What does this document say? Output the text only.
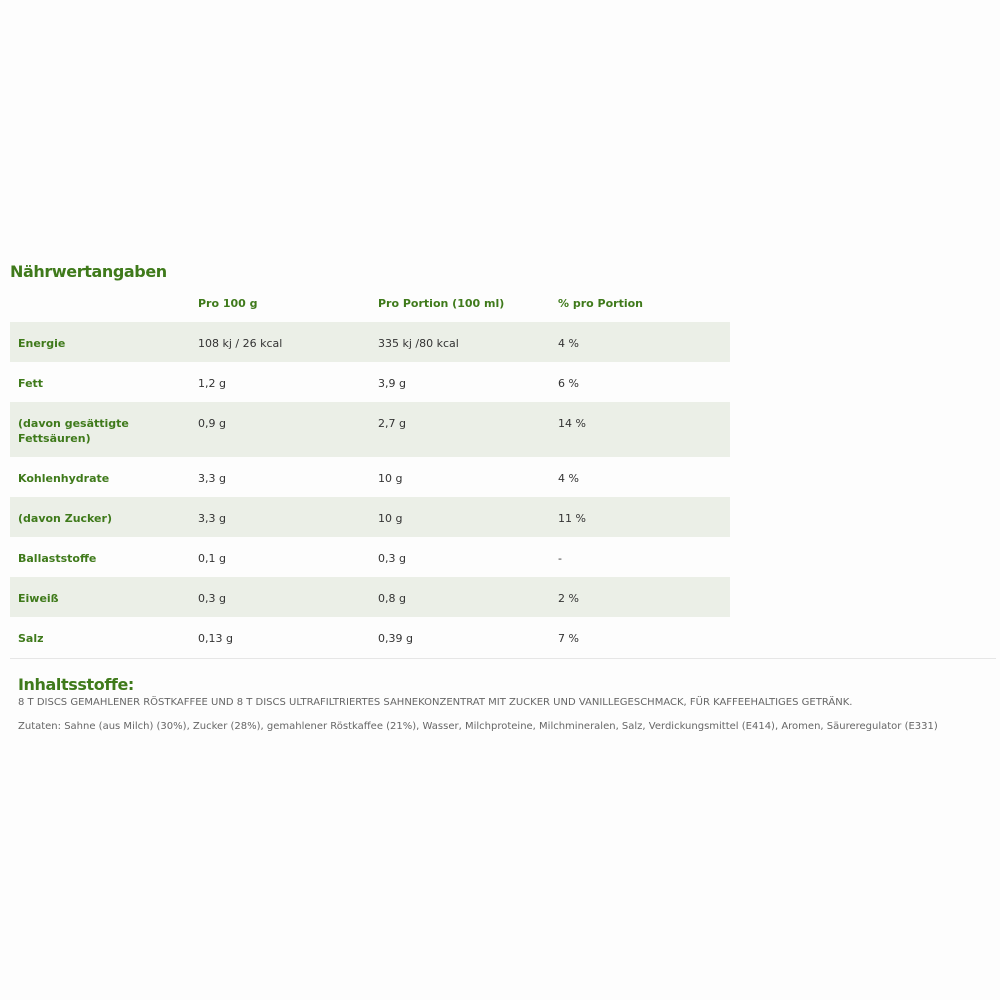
Nährwertangaben
	Pro 100 g	Pro Portion (100 ml)	% pro Portion
Energie	108 kj / 26 kcal	335 kj /80 kcal	4 %
Fett	1,2 g	3,9 g	6 %
(davon gesättigte Fettsäuren)	0,9 g	2,7 g	14 %
Kohlenhydrate	3,3 g	10 g	4 %
(davon Zucker)	3,3 g	10 g	11 %
Ballaststoffe	0,1 g	0,3 g	-
Eiweiß	0,3 g	0,8 g	2 %
Salz	0,13 g	0,39 g	7 %
Inhaltsstoffe:

8 T DISCS GEMAHLENER RÖSTKAFFEE UND 8 T DISCS ULTRAFILTRIERTES SAHNEKONZENTRAT MIT ZUCKER UND VANILLEGESCHMACK, FÜR KAFFEEHALTIGES GETRÄNK.

Zutaten: Sahne (aus Milch) (30%), Zucker (28%), gemahlener Röstkaffee (21%), Wasser, Milchproteine, Milchmineralen, Salz, Verdickungsmittel (E414), Aromen, Säureregulator (E331)
